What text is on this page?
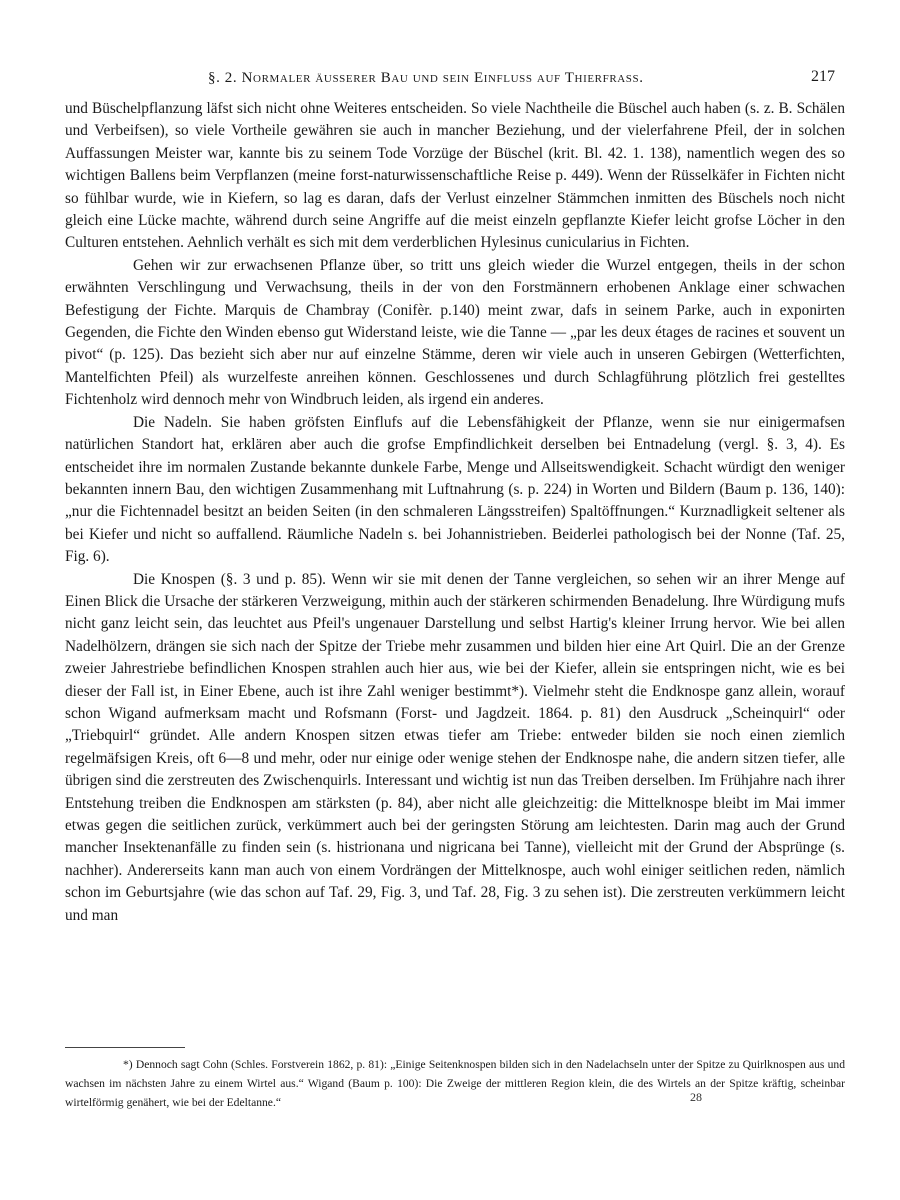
§. 2. Normaler äusserer Bau und sein Einfluss auf Thierfrass.	217

und Büschelpflanzung läfst sich nicht ohne Weiteres entscheiden. So viele Nachtheile die Büschel auch haben (s. z. B. Schälen und Verbeifsen), so viele Vortheile gewähren sie auch in mancher Beziehung, und der vielerfahrene Pfeil, der in solchen Auffassungen Meister war, kannte bis zu seinem Tode Vorzüge der Büschel (krit. Bl. 42. 1. 138), namentlich wegen des so wichtigen Ballens beim Verpflanzen (meine forst-naturwissenschaftliche Reise p. 449). Wenn der Rüsselkäfer in Fichten nicht so fühlbar wurde, wie in Kiefern, so lag es daran, dafs der Verlust einzelner Stämmchen inmitten des Büschels noch nicht gleich eine Lücke machte, während durch seine Angriffe auf die meist einzeln gepflanzte Kiefer leicht grofse Löcher in den Culturen entstehen. Aehnlich verhält es sich mit dem verderblichen Hylesinus cunicularius in Fichten.

Gehen wir zur erwachsenen Pflanze über, so tritt uns gleich wieder die Wurzel entgegen, theils in der schon erwähnten Verschlingung und Verwachsung, theils in der von den Forstmännern erhobenen Anklage einer schwachen Befestigung der Fichte. Marquis de Chambray (Conifèr. p.140) meint zwar, dafs in seinem Parke, auch in exponirten Gegenden, die Fichte den Winden ebenso gut Widerstand leiste, wie die Tanne — „par les deux étages de racines et souvent un pivot“ (p. 125). Das bezieht sich aber nur auf einzelne Stämme, deren wir viele auch in unseren Gebirgen (Wetterfichten, Mantelfichten Pfeil) als wurzelfeste anreihen können. Geschlossenes und durch Schlagführung plötzlich frei gestelltes Fichtenholz wird dennoch mehr von Windbruch leiden, als irgend ein anderes.

Die Nadeln. Sie haben gröfsten Einflufs auf die Lebensfähigkeit der Pflanze, wenn sie nur einigermafsen natürlichen Standort hat, erklären aber auch die grofse Empfindlichkeit derselben bei Entnadelung (vergl. §. 3, 4). Es entscheidet ihre im normalen Zustande bekannte dunkele Farbe, Menge und Allseitswendigkeit. Schacht würdigt den weniger bekannten innern Bau, den wichtigen Zusammenhang mit Luftnahrung (s. p. 224) in Worten und Bildern (Baum p. 136, 140): „nur die Fichtennadel besitzt an beiden Seiten (in den schmaleren Längsstreifen) Spaltöffnungen.“ Kurznadligkeit seltener als bei Kiefer und nicht so auffallend. Räumliche Nadeln s. bei Johannistrieben. Beiderlei pathologisch bei der Nonne (Taf. 25, Fig. 6).

Die Knospen (§. 3 und p. 85). Wenn wir sie mit denen der Tanne vergleichen, so sehen wir an ihrer Menge auf Einen Blick die Ursache der stärkeren Verzweigung, mithin auch der stärkeren schirmenden Benadelung. Ihre Würdigung mufs nicht ganz leicht sein, das leuchtet aus Pfeil's ungenauer Darstellung und selbst Hartig's kleiner Irrung hervor. Wie bei allen Nadelhölzern, drängen sie sich nach der Spitze der Triebe mehr zusammen und bilden hier eine Art Quirl. Die an der Grenze zweier Jahrestriebe befindlichen Knospen strahlen auch hier aus, wie bei der Kiefer, allein sie entspringen nicht, wie es bei dieser der Fall ist, in Einer Ebene, auch ist ihre Zahl weniger bestimmt*). Vielmehr steht die Endknospe ganz allein, worauf schon Wigand aufmerksam macht und Rofsmann (Forst- und Jagdzeit. 1864. p. 81) den Ausdruck „Scheinquirl“ oder „Triebquirl“ gründet. Alle andern Knospen sitzen etwas tiefer am Triebe: entweder bilden sie noch einen ziemlich regelmäfsigen Kreis, oft 6—8 und mehr, oder nur einige oder wenige stehen der Endknospe nahe, die andern sitzen tiefer, alle übrigen sind die zerstreuten des Zwischenquirls. Interessant und wichtig ist nun das Treiben derselben. Im Frühjahre nach ihrer Entstehung treiben die Endknospen am stärksten (p. 84), aber nicht alle gleichzeitig: die Mittelknospe bleibt im Mai immer etwas gegen die seitlichen zurück, verkümmert auch bei der geringsten Störung am leichtesten. Darin mag auch der Grund mancher Insektenanfälle zu finden sein (s. histrionana und nigricana bei Tanne), vielleicht mit der Grund der Absprünge (s. nachher). Andererseits kann man auch von einem Vordrängen der Mittelknospe, auch wohl einiger seitlichen reden, nämlich schon im Geburtsjahre (wie das schon auf Taf. 29, Fig. 3, und Taf. 28, Fig. 3 zu sehen ist). Die zerstreuten verkümmern leicht und man

*) Dennoch sagt Cohn (Schles. Forstverein 1862, p. 81): „Einige Seitenknospen bilden sich in den Nadelachseln unter der Spitze zu Quirlknospen aus und wachsen im nächsten Jahre zu einem Wirtel aus.“ Wigand (Baum p. 100): Die Zweige der mittleren Region klein, die des Wirtels an der Spitze kräftig, scheinbar wirtelförmig genähert, wie bei der Edeltanne.“	28
